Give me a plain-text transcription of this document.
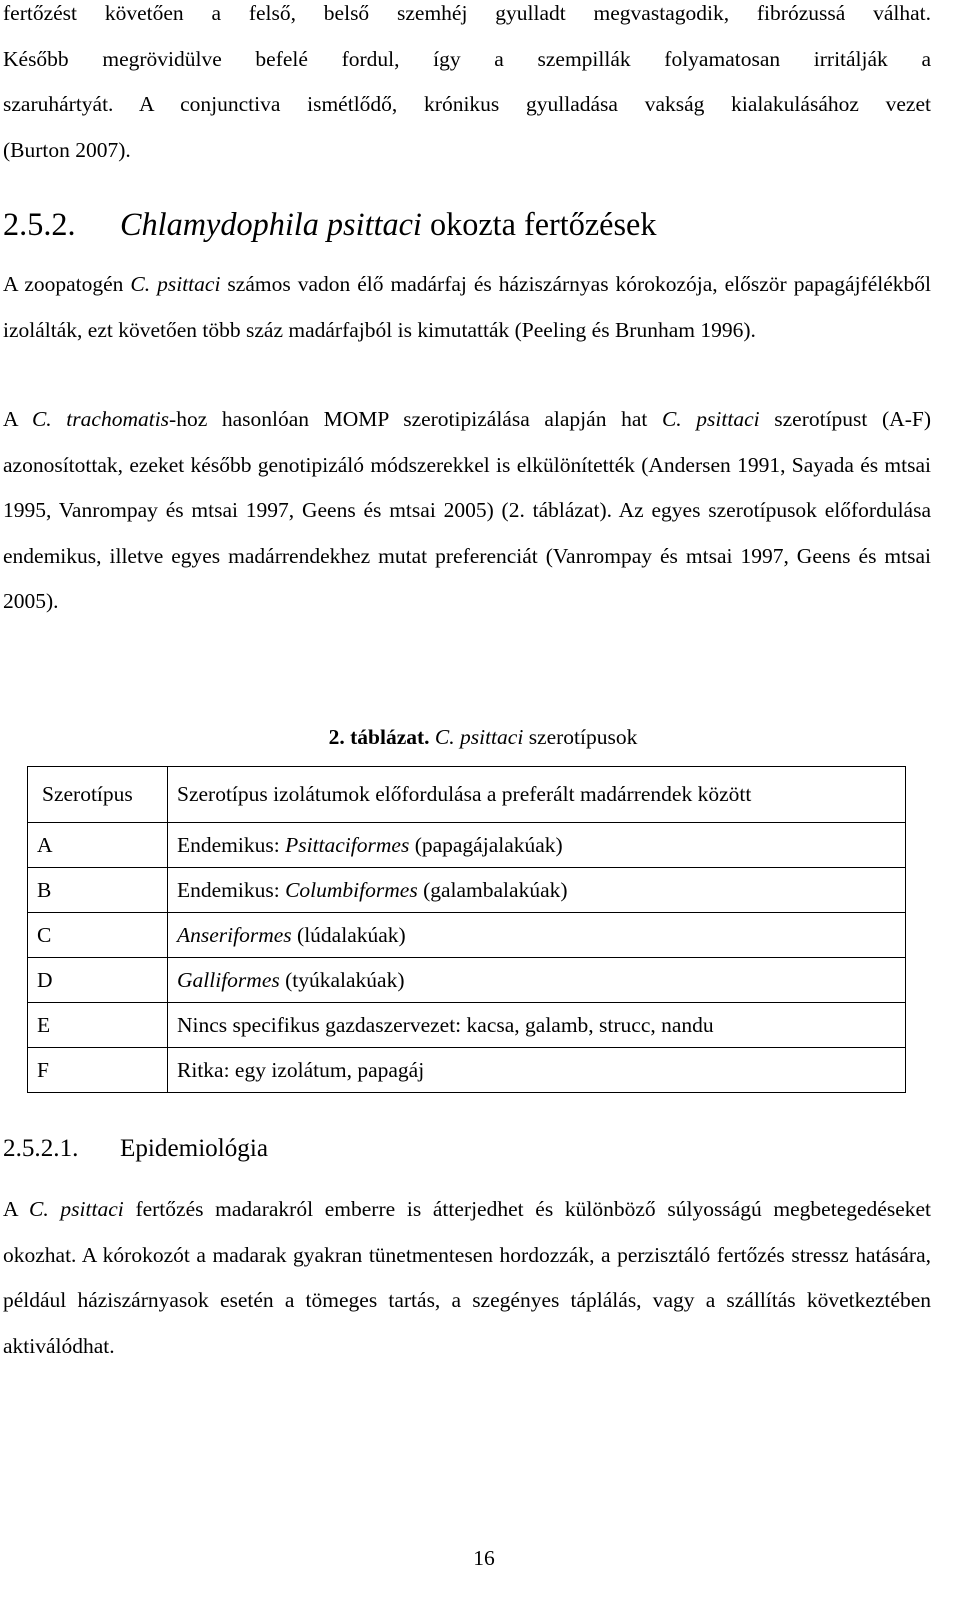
fertőzést követően a felső, belső szemhéj gyulladt megvastagodik, fibrózussá válhat.
Később megrövidülve befelé fordul, így a szempillák folyamatosan irritálják a
szaruhártyát. A conjunctiva ismétlődő, krónikus gyulladása vakság kialakulásához vezet
(Burton 2007).
2.5.2. Chlamydophila psittaci okozta fertőzések

A zoopatogén C. psittaci számos vadon élő madárfaj és háziszárnyas kórokozója, először papagájfélékből izolálták, ezt követően több száz madárfajból is kimutatták (Peeling és Brunham 1996).

A C. trachomatis-hoz hasonlóan MOMP szerotipizálása alapján hat C. psittaci szerotípust (A-F) azonosítottak, ezeket később genotipizáló módszerekkel is elkülönítették (Andersen 1991, Sayada és mtsai 1995, Vanrompay és mtsai 1997, Geens és mtsai 2005) (2. táblázat). Az egyes szerotípusok előfordulása endemikus, illetve egyes madárrendekhez mutat preferenciát (Vanrompay és mtsai 1997, Geens és mtsai 2005).

2. táblázat. C. psittaci szerotípusok
Szerotípus	Szerotípus izolátumok előfordulása a preferált madárrendek között
A	Endemikus: Psittaciformes (papagájalakúak)
B	Endemikus: Columbiformes (galambalakúak)
C	Anseriformes (lúdalakúak)
D	Galliformes (tyúkalakúak)
E	Nincs specifikus gazdaszervezet: kacsa, galamb, strucc, nandu
F	Ritka: egy izolátum, papagáj
2.5.2.1. Epidemiológia

A C. psittaci fertőzés madarakról emberre is átterjedhet és különböző súlyosságú megbetegedéseket okozhat. A kórokozót a madarak gyakran tünetmentesen hordozzák, a perzisztáló fertőzés stressz hatására, például háziszárnyasok esetén a tömeges tartás, a szegényes táplálás, vagy a szállítás következtében aktiválódhat.

16
